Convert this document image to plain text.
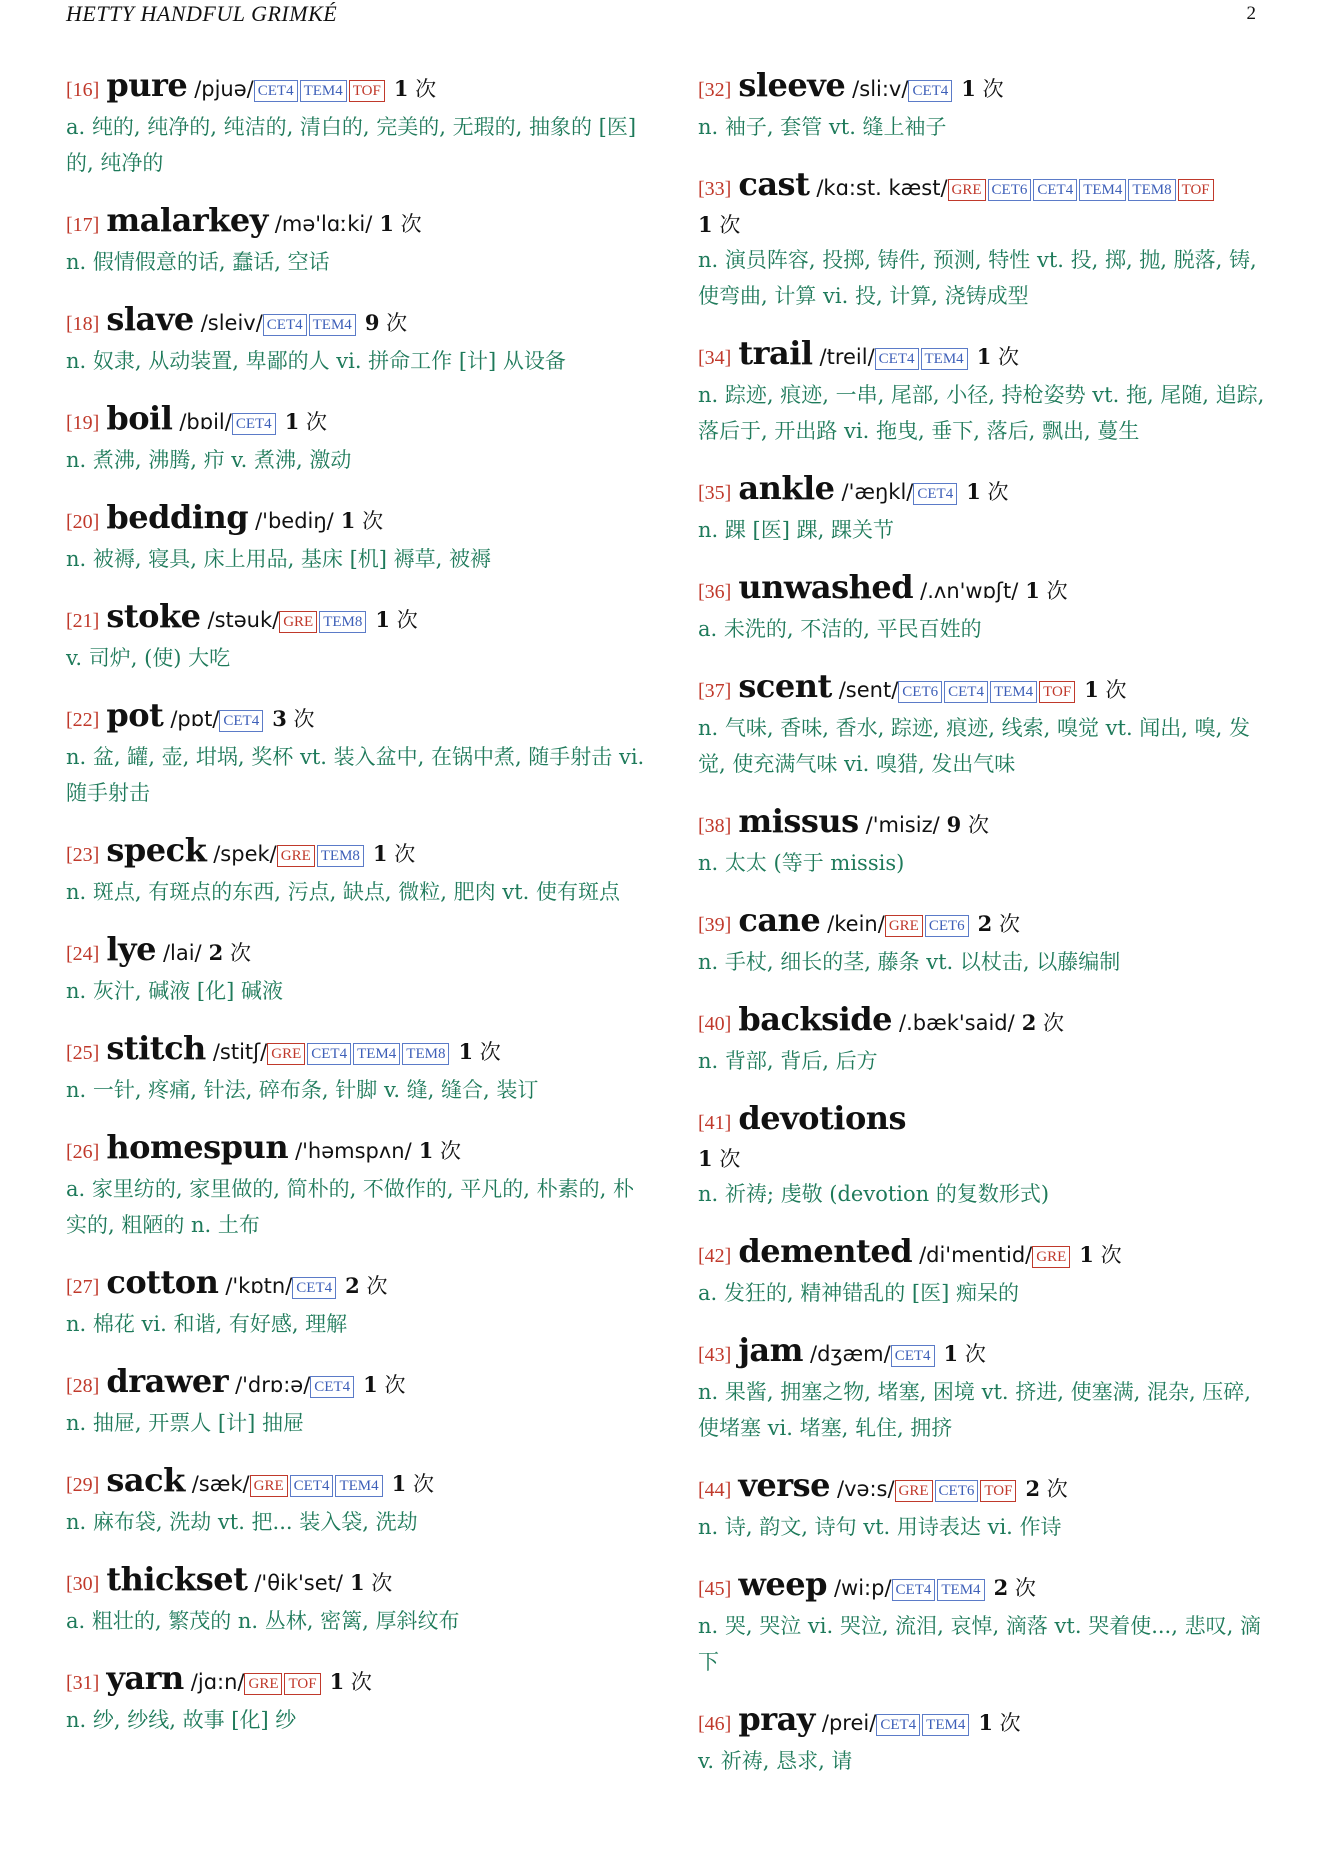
HETTY HANDFUL GRIMKÉ	2
[16] pure /pjuə/ CET4 TEM4 TOF 1 次

a. 纯的, 纯净的, 纯洁的, 清白的, 完美的, 无瑕的, 抽象的 [医] 的, 纯净的

[17] malarkey /mə'lɑːki/ 1 次

n. 假情假意的话, 蠢话, 空话

[18] slave /sleiv/ CET4 TEM4 9 次

n. 奴隶, 从动装置, 卑鄙的人 vi. 拼命工作 [计] 从设备

[19] boil /bɒil/ CET4 1 次

n. 煮沸, 沸腾, 疖 v. 煮沸, 激动

[20] bedding /'bediŋ/ 1 次

n. 被褥, 寝具, 床上用品, 基床 [机] 褥草, 被褥

[21] stoke /stəuk/ GRE TEM8 1 次

v. 司炉, (使) 大吃

[22] pot /pɒt/ CET4 3 次

n. 盆, 罐, 壶, 坩埚, 奖杯 vt. 装入盆中, 在锅中煮, 随手射击 vi. 随手射击

[23] speck /spek/ GRE TEM8 1 次

n. 斑点, 有斑点的东西, 污点, 缺点, 微粒, 肥肉 vt. 使有斑点

[24] lye /lai/ 2 次

n. 灰汁, 碱液 [化] 碱液

[25] stitch /stitʃ/ GRE CET4 TEM4 TEM8 1 次

n. 一针, 疼痛, 针法, 碎布条, 针脚 v. 缝, 缝合, 装订

[26] homespun /'həmspʌn/ 1 次

a. 家里纺的, 家里做的, 简朴的, 不做作的, 平凡的, 朴素的, 朴实的, 粗陋的 n. 土布

[27] cotton /'kɒtn/ CET4 2 次

n. 棉花 vi. 和谐, 有好感, 理解

[28] drawer /'drɒ:ə/ CET4 1 次

n. 抽屉, 开票人 [计] 抽屉

[29] sack /sæk/ GRE CET4 TEM4 1 次

n. 麻布袋, 洗劫 vt. 把... 装入袋, 洗劫

[30] thickset /'θik'set/ 1 次

a. 粗壮的, 繁茂的 n. 丛林, 密篱, 厚斜纹布

[31] yarn /jɑ:n/ GRE TOF 1 次

n. 纱, 纱线, 故事 [化] 纱

[32] sleeve /sli:v/ CET4 1 次

n. 袖子, 套管 vt. 缝上袖子

[33] cast /kɑ:st. kæst/ GRE CET6 CET4 TEM4 TEM8 TOF
1 次

n. 演员阵容, 投掷, 铸件, 预测, 特性 vt. 投, 掷, 抛, 脱落, 铸, 使弯曲, 计算 vi. 投, 计算, 浇铸成型

[34] trail /treil/ CET4 TEM4 1 次

n. 踪迹, 痕迹, 一串, 尾部, 小径, 持枪姿势 vt. 拖, 尾随, 追踪, 落后于, 开出路 vi. 拖曳, 垂下, 落后, 飘出, 蔓生

[35] ankle /'æŋkl/ CET4 1 次

n. 踝 [医] 踝, 踝关节

[36] unwashed /.ʌn'wɒʃt/ 1 次

a. 未洗的, 不洁的, 平民百姓的

[37] scent /sent/ CET6 CET4 TEM4 TOF 1 次

n. 气味, 香味, 香水, 踪迹, 痕迹, 线索, 嗅觉 vt. 闻出, 嗅, 发觉, 使充满气味 vi. 嗅猎, 发出气味

[38] missus /'misiz/ 9 次

n. 太太 (等于 missis)

[39] cane /kein/ GRE CET6 2 次

n. 手杖, 细长的茎, 藤条 vt. 以杖击, 以藤编制

[40] backside /.bæk'said/ 2 次

n. 背部, 背后, 后方

[41] devotions
1 次

n. 祈祷; 虔敬 (devotion 的复数形式)

[42] demented /di'mentid/ GRE 1 次

a. 发狂的, 精神错乱的 [医] 痴呆的

[43] jam /dʒæm/ CET4 1 次

n. 果酱, 拥塞之物, 堵塞, 困境 vt. 挤进, 使塞满, 混杂, 压碎, 使堵塞 vi. 堵塞, 轧住, 拥挤

[44] verse /və:s/ GRE CET6 TOF 2 次

n. 诗, 韵文, 诗句 vt. 用诗表达 vi. 作诗

[45] weep /wi:p/ CET4 TEM4 2 次

n. 哭, 哭泣 vi. 哭泣, 流泪, 哀悼, 滴落 vt. 哭着使..., 悲叹, 滴下

[46] pray /prei/ CET4 TEM4 1 次

v. 祈祷, 恳求, 请
